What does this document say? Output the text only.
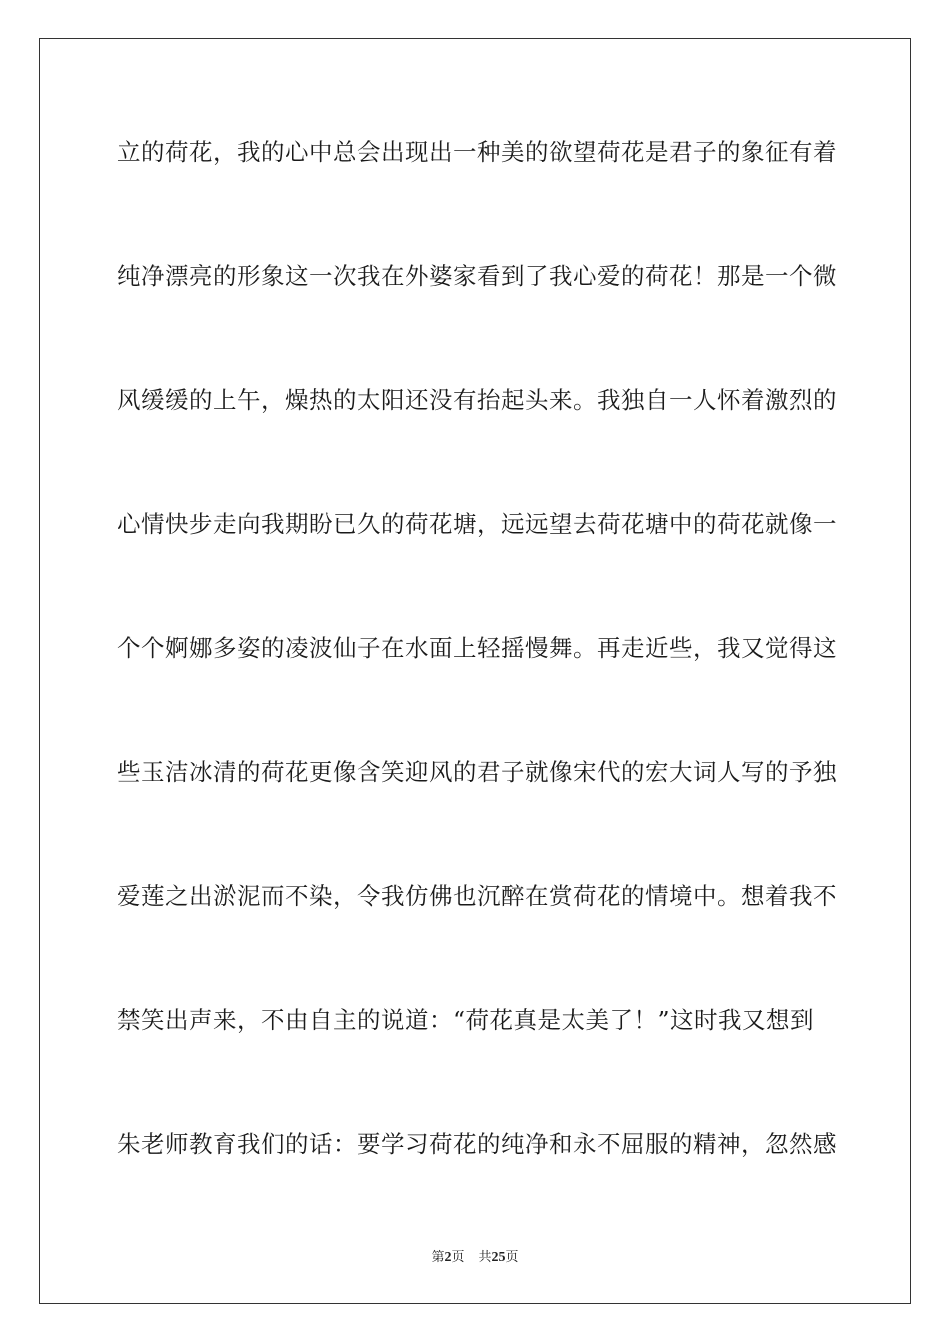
立的荷花，我的心中总会出现出一种美的欲望荷花是君子的象征有着
纯净漂亮的形象这一次我在外婆家看到了我心爱的荷花！那是一个微
风缓缓的上午，燥热的太阳还没有抬起头来。我独自一人怀着激烈的
心情快步走向我期盼已久的荷花塘，远远望去荷花塘中的荷花就像一
个个婀娜多姿的凌波仙子在水面上轻摇慢舞。再走近些，我又觉得这
些玉洁冰清的荷花更像含笑迎风的君子就像宋代的宏大词人写的予独
爱莲之出淤泥而不染，令我仿佛也沉醉在赏荷花的情境中。想着我不
禁笑出声来，不由自主的说道：“荷花真是太美了！”这时我又想到
朱老师教育我们的话：要学习荷花的纯净和永不屈服的精神，忽然感
第2页 共25页
